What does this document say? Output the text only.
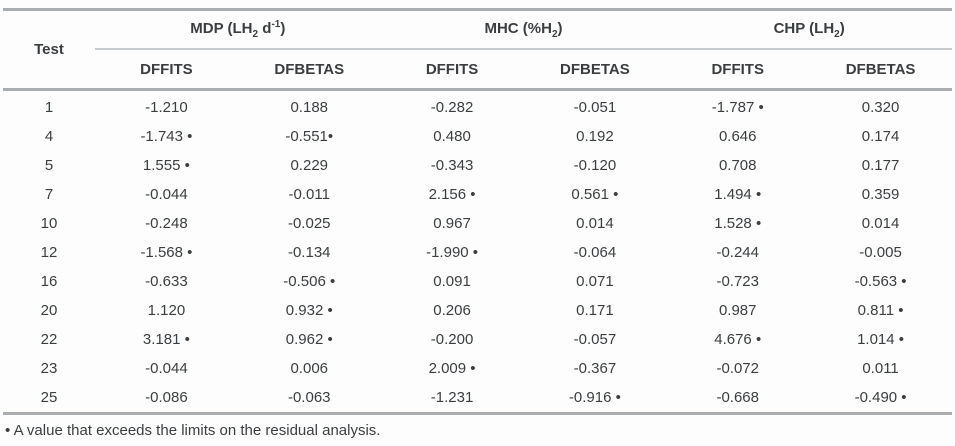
Test	MDP ($LH_2$ $d^{-1}$)		MHC $(\%H_2)$		CHP $(LH_2)$	
	DFFITS	DFBETAS	DFFITS	DFBETAS	DFFITS	DFBETAS
1	-1.210	0.188	-0.282	-0.051	-1.787 •	0.320
4	-1.743 •	-0.551•	0.480	0.192	0.646	0.174
5	1.555 •	0.229	-0.343	-0.120	0.708	0.177
7	-0.044	-0.011	2.156 •	0.561 •	1.494 •	0.359
10	-0.248	-0.025	0.967	0.014	1.528 •	0.014
12	-1.568 •	-0.134	-1.990 •	-0.064	-0.244	-0.005
16	-0.633	-0.506 •	0.091	0.071	-0.723	-0.563 •
20	1.120	0.932 •	0.206	0.171	0.987	0.811 •
22	3.181 •	0.962 •	-0.200	-0.057	4.676 •	1.014 •
23	-0.044	0.006	2.009 •	-0.367	-0.072	0.011
25	-0.086	-0.063	-1.231	-0.916 •	-0.668	-0.490 •
• A value that exceeds the limits on the residual analysis.
